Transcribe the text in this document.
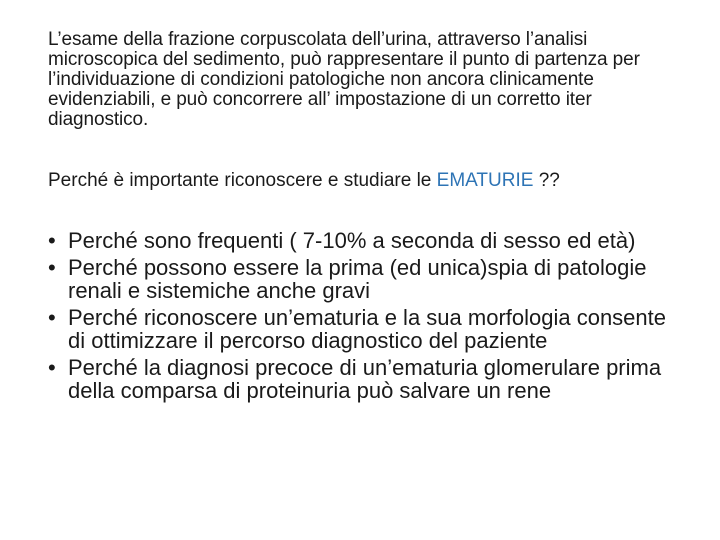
L’esame della frazione corpuscolata dell’urina, attraverso l’analisi microscopica del sedimento, può rappresentare il punto di partenza per l’individuazione di condizioni patologiche non ancora clinicamente evidenziabili, e può concorrere all’ impostazione di un corretto iter diagnostico.

Perché è importante riconoscere e studiare le EMATURIE ??

• Perché sono frequenti ( 7-10% a seconda di sesso ed età)
• Perché possono essere la prima (ed unica)spia di patologie renali e sistemiche anche gravi
• Perché riconoscere un’ematuria e la sua morfologia consente di ottimizzare il percorso diagnostico del paziente
• Perché la diagnosi precoce di un’ematuria glomerulare prima della comparsa di proteinuria può salvare un rene
